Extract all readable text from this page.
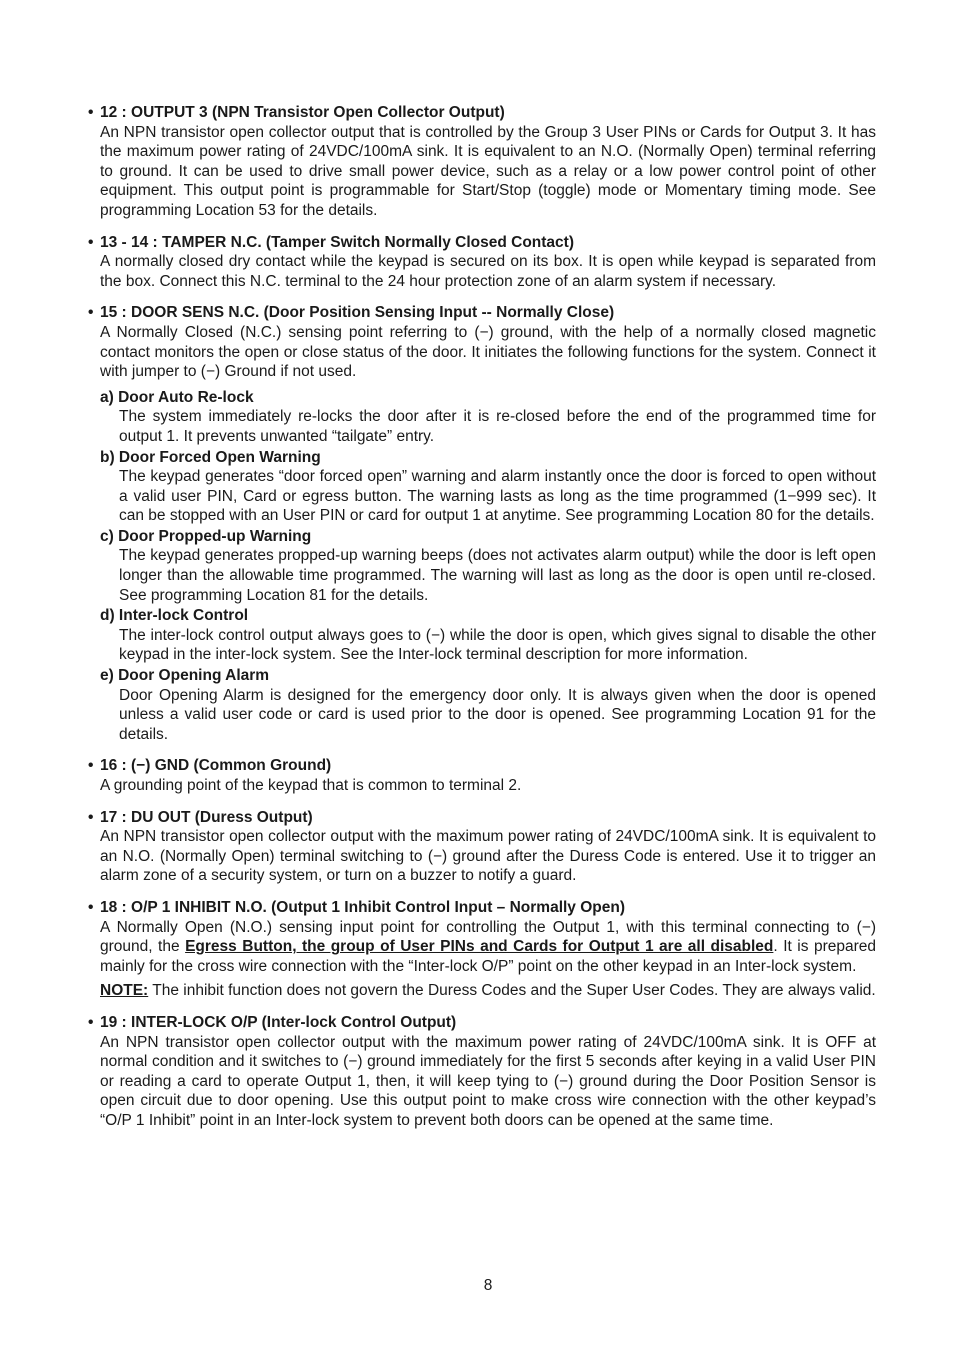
• 12 : OUTPUT 3 (NPN Transistor Open Collector Output)
An NPN transistor open collector output that is controlled by the Group 3 User PINs or Cards for Output 3. It has the maximum power rating of 24VDC/100mA sink. It is equivalent to an N.O. (Normally Open) terminal referring to ground. It can be used to drive small power device, such as a relay or a low power control point of other equipment. This output point is programmable for Start/Stop (toggle) mode or Momentary timing mode. See programming Location 53 for the details.
• 13 - 14 : TAMPER N.C. (Tamper Switch Normally Closed Contact)
A normally closed dry contact while the keypad is secured on its box. It is open while keypad is separated from the box. Connect this N.C. terminal to the 24 hour protection zone of an alarm system if necessary.
• 15 : DOOR SENS N.C. (Door Position Sensing Input -- Normally Close)
A Normally Closed (N.C.) sensing point referring to (−) ground, with the help of a normally closed magnetic contact monitors the open or close status of the door. It initiates the following functions for the system. Connect it with jumper to (−) Ground if not used.
a) Door Auto Re-lock
The system immediately re-locks the door after it is re-closed before the end of the programmed time for output 1. It prevents unwanted “tailgate” entry.
b) Door Forced Open Warning
The keypad generates “door forced open” warning and alarm instantly once the door is forced to open without a valid user PIN, Card or egress button. The warning lasts as long as the time programmed (1−999 sec). It can be stopped with an User PIN or card for output 1 at anytime. See programming Location 80 for the details.
c) Door Propped-up Warning
The keypad generates propped-up warning beeps (does not activates alarm output) while the door is left open longer than the allowable time programmed. The warning will last as long as the door is open until re-closed. See programming Location 81 for the details.
d) Inter-lock Control
The inter-lock control output always goes to (−) while the door is open, which gives signal to disable the other keypad in the inter-lock system. See the Inter-lock terminal description for more information.
e) Door Opening Alarm
Door Opening Alarm is designed for the emergency door only. It is always given when the door is opened unless a valid user code or card is used prior to the door is opened. See programming Location 91 for the details.
• 16 : (−) GND (Common Ground)
A grounding point of the keypad that is common to terminal 2.
• 17 : DU OUT (Duress Output)
An NPN transistor open collector output with the maximum power rating of 24VDC/100mA sink. It is equivalent to an N.O. (Normally Open) terminal switching to (−) ground after the Duress Code is entered. Use it to trigger an alarm zone of a security system, or turn on a buzzer to notify a guard.
• 18 : O/P 1 INHIBIT N.O. (Output 1 Inhibit Control Input – Normally Open)
A Normally Open (N.O.) sensing input point for controlling the Output 1, with this terminal connecting to (−) ground, the Egress Button, the group of User PINs and Cards for Output 1 are all disabled. It is prepared mainly for the cross wire connection with the “Inter-lock O/P” point on the other keypad in an Inter-lock system.
NOTE: The inhibit function does not govern the Duress Codes and the Super User Codes. They are always valid.
• 19 : INTER-LOCK O/P (Inter-lock Control Output)
An NPN transistor open collector output with the maximum power rating of 24VDC/100mA sink. It is OFF at normal condition and it switches to (−) ground immediately for the first 5 seconds after keying in a valid User PIN or reading a card to operate Output 1, then, it will keep tying to (−) ground during the Door Position Sensor is open circuit due to door opening. Use this output point to make cross wire connection with the other keypad’s “O/P 1 Inhibit” point in an Inter-lock system to prevent both doors can be opened at the same time.
8
